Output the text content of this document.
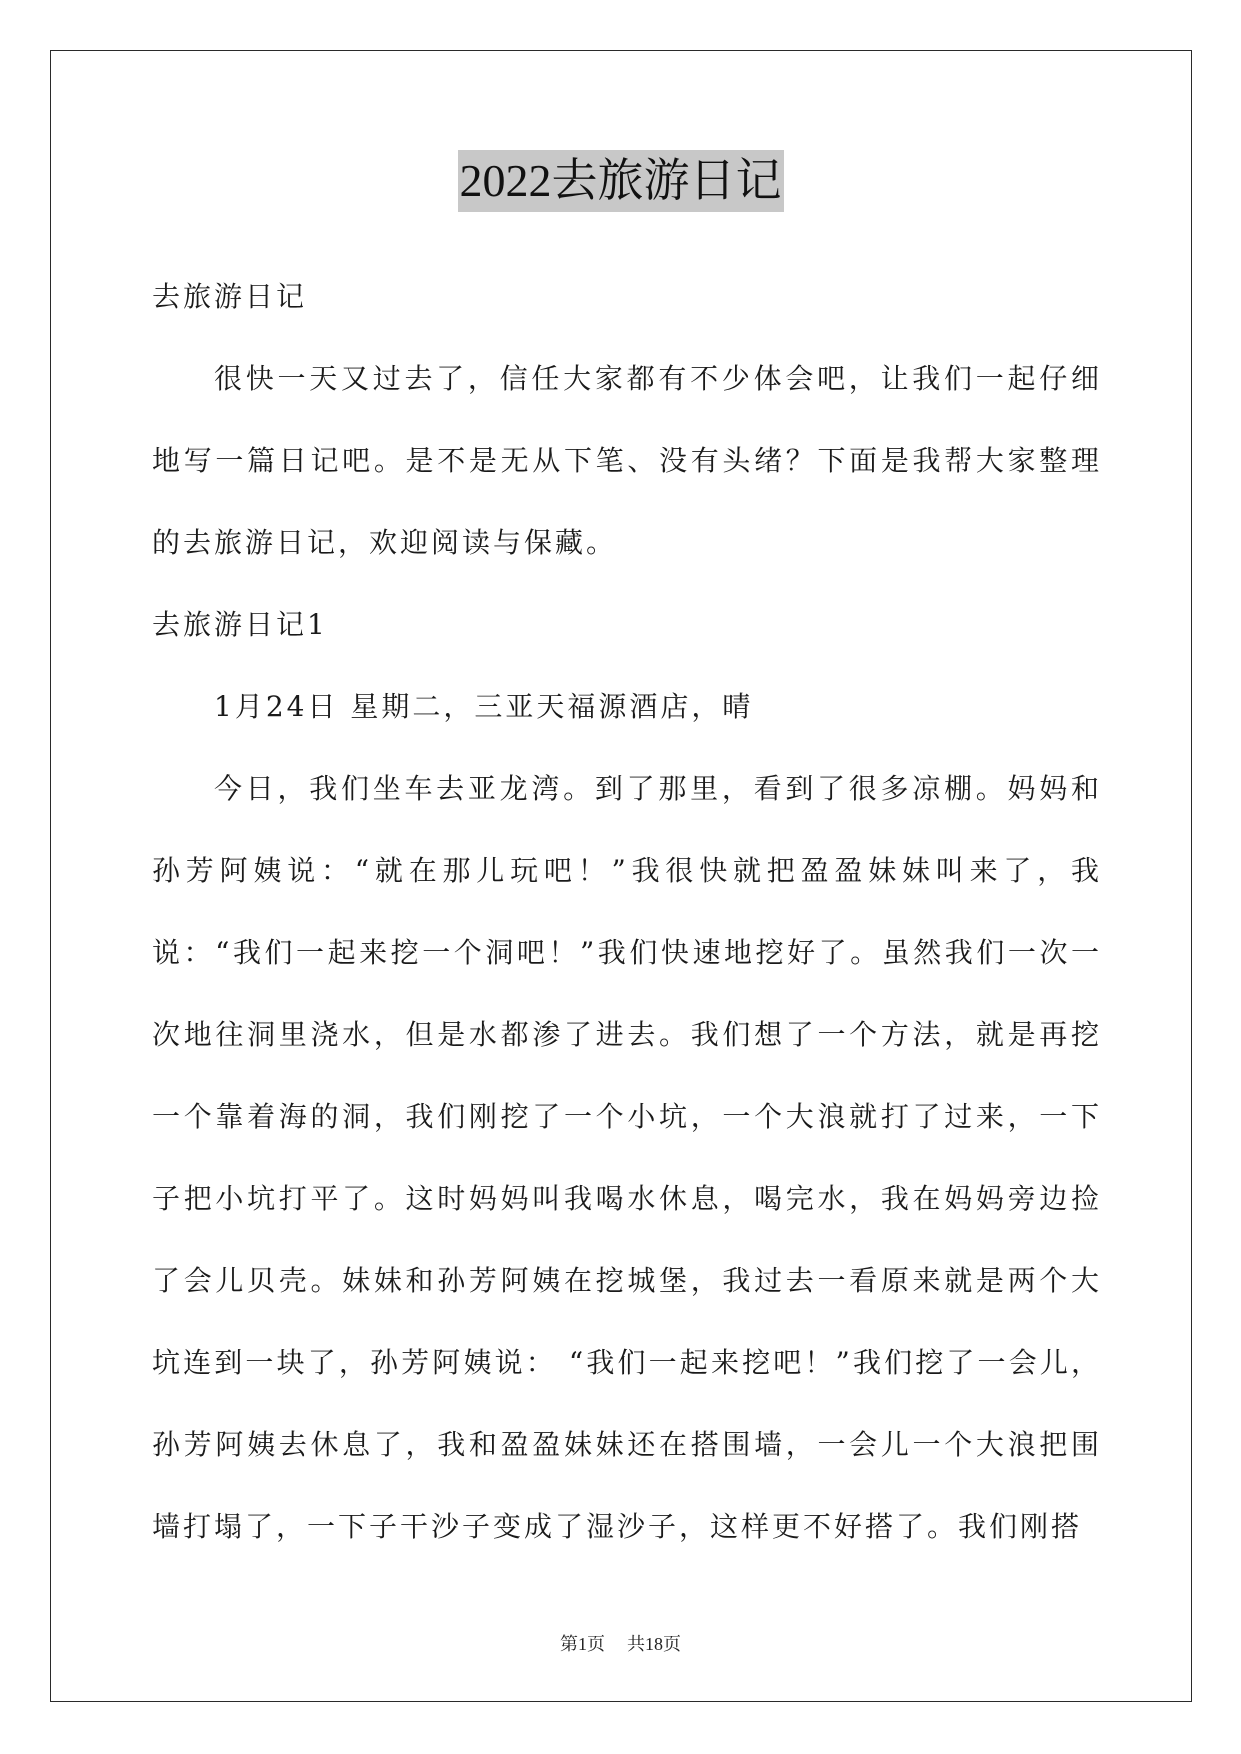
2022去旅游日记

去旅游日记

很快一天又过去了，信任大家都有不少体会吧，让我们一起仔细地写一篇日记吧。是不是无从下笔、没有头绪？下面是我帮大家整理的去旅游日记，欢迎阅读与保藏。

去旅游日记1

1月24日 星期二，三亚天福源酒店，晴

今日，我们坐车去亚龙湾。到了那里，看到了很多凉棚。妈妈和孙芳阿姨说：“就在那儿玩吧！”我很快就把盈盈妹妹叫来了，我说：“我们一起来挖一个洞吧！”我们快速地挖好了。虽然我们一次一次地往洞里浇水，但是水都渗了进去。我们想了一个方法，就是再挖一个靠着海的洞，我们刚挖了一个小坑，一个大浪就打了过来，一下子把小坑打平了。这时妈妈叫我喝水休息，喝完水，我在妈妈旁边捡了会儿贝壳。妹妹和孙芳阿姨在挖城堡，我过去一看原来就是两个大坑连到一块了，孙芳阿姨说： “我们一起来挖吧！”我们挖了一会儿，孙芳阿姨去休息了，我和盈盈妹妹还在搭围墙，一会儿一个大浪把围墙打塌了，一下子干沙子变成了湿沙子，这样更不好搭了。我们刚搭

第1页 共18页
